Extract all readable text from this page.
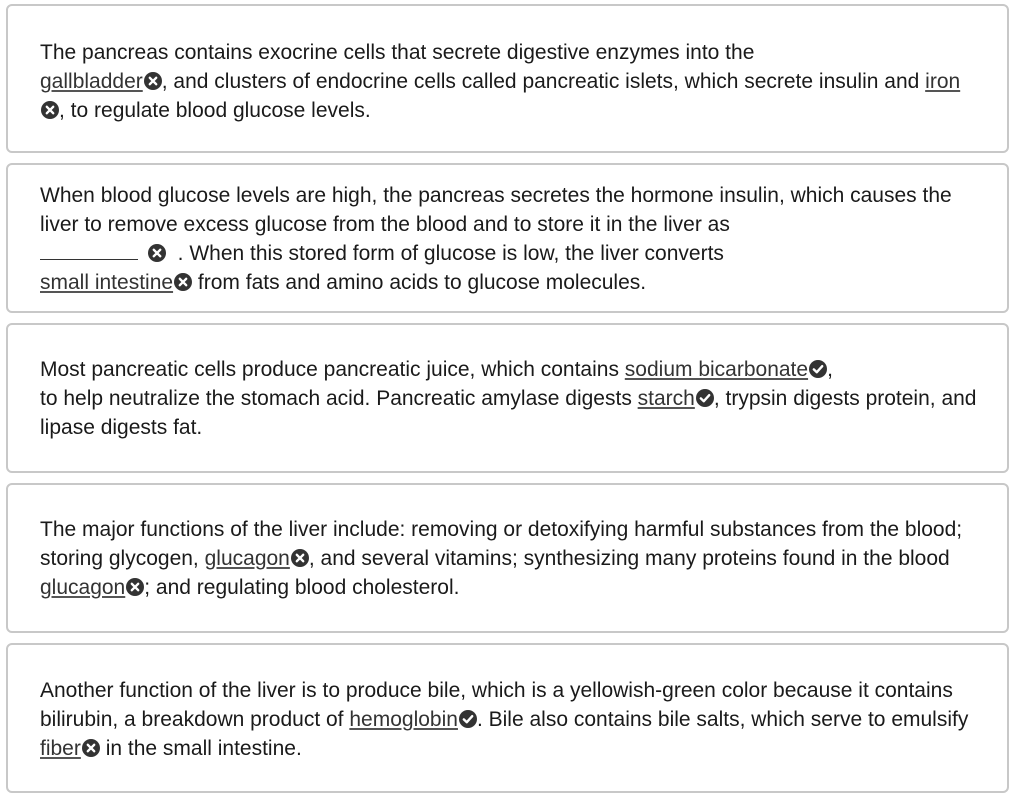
The pancreas contains exocrine cells that secrete digestive enzymes into the
gallbladder , and clusters of endocrine cells called pancreatic islets, which secrete insulin and iron
, to regulate blood glucose levels.

When blood glucose levels are high, the pancreas secretes the hormone insulin, which causes the liver to remove excess glucose from the blood and to store it in the liver as

. When this stored form of glucose is low, the liver converts
small intestine
from fats and amino acids to glucose molecules.

Most pancreatic cells produce pancreatic juice, which contains sodium bicarbonate ,
to help neutralize the stomach acid. Pancreatic amylase digests starch , trypsin digests protein, and lipase digests fat.

The major functions of the liver include: removing or detoxifying harmful substances from the blood; storing glycogen, glucagon , and several vitamins; synthesizing many proteins found in the blood glucagon ; and regulating blood cholesterol.

Another function of the liver is to produce bile, which is a yellowish-green color because it contains bilirubin, a breakdown product of hemoglobin . Bile also contains bile salts, which serve to emulsify fiber
in the small intestine.
